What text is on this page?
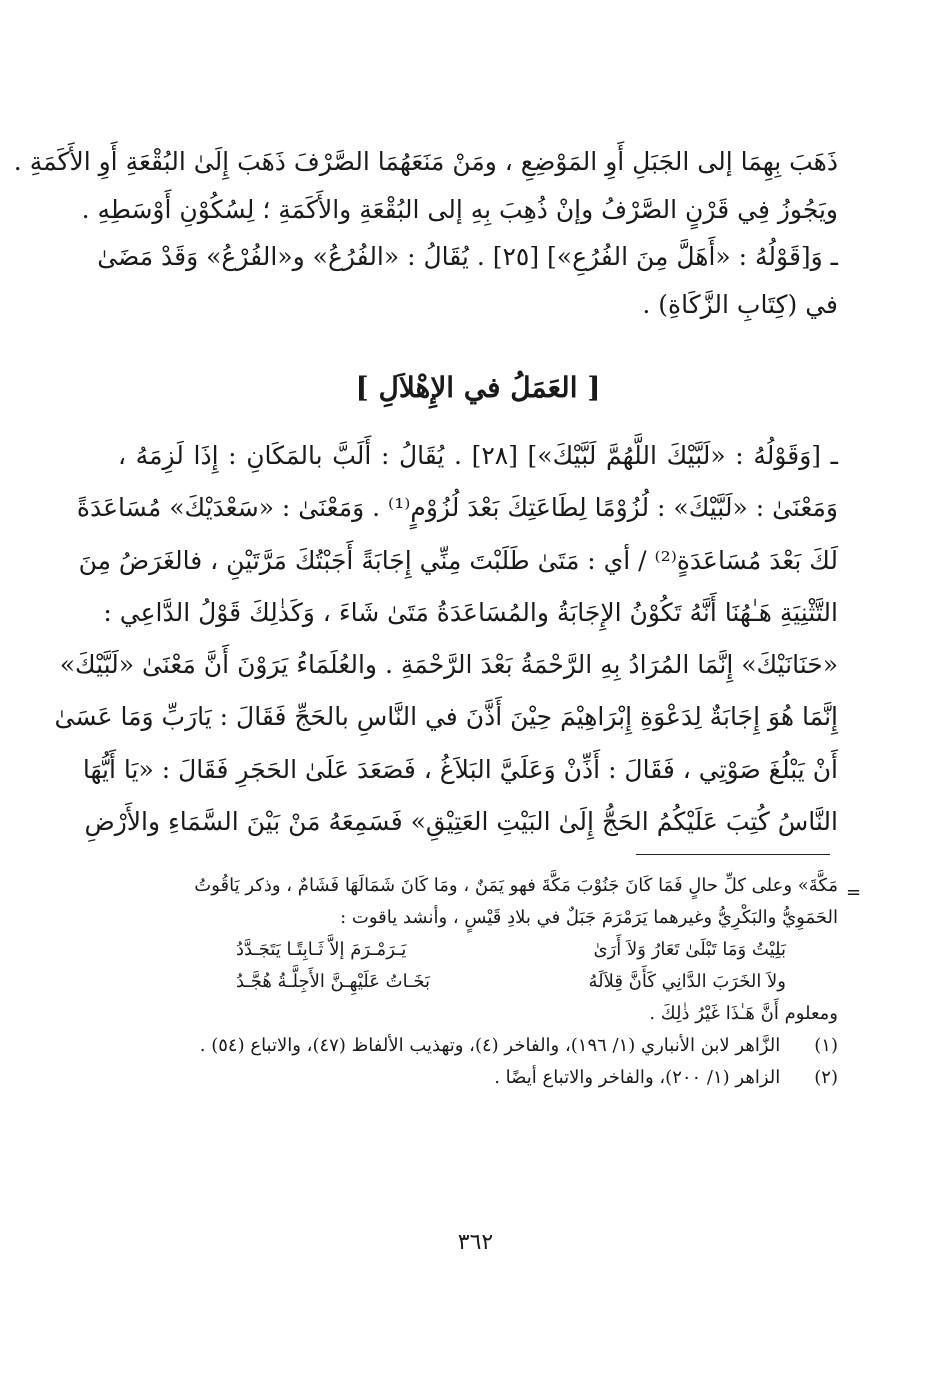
ذَهَبَ بِهِمَا إلى الجَبَلِ أَوِ المَوْضِعِ ، ومَنْ مَنَعَهُمَا الصَّرْفَ ذَهَبَ إِلَىٰ البُقْعَةِ أَوِ الأَكَمَةِ .
ويَجُوزُ فِي قَرْنٍ الصَّرْفُ وإنْ ذُهِبَ بِهِ إلى البُقْعَةِ والأَكَمَةِ ؛ لِسُكُوْنِ أَوْسَطِهِ .
ـ وَ[قَوْلُهُ : «أَهَلَّ مِنَ الفُرُعِ»] [٢٥] . يُقَالُ : «الفُرُعُ» و«الفُرْعُ» وَقَدْ مَضَىٰ
في (كِتَابِ الزَّكَاةِ) .
[ العَمَلُ في الإِهْلاَلِ ]
ـ [وَقَوْلُهُ : «لَبَّيْكَ اللَّهُمَّ لَبَّيْكَ»] [٢٨] . يُقَالُ : أَلَبَّ بالمَكَانِ : إِذَا لَزِمَهُ ،
وَمَعْنَىٰ : «لَبَّيْكَ» : لُزُوْمًا لِطَاعَتِكَ بَعْدَ لُزُوْمٍ⁽¹⁾ . وَمَعْنَىٰ : «سَعْدَيْكَ» مُسَاعَدَةً
لَكَ بَعْدَ مُسَاعَدَةٍ⁽²⁾ / أي : مَتَىٰ طَلَبْتَ مِنِّي إِجَابَةً أَجَبْتُكَ مَرَّتَيْنِ ، فالغَرَضُ مِنَ
التَّثْنِيَةِ هَـٰهُنَا أَنَّهُ تَكُوْنُ الإِجَابَةُ والمُسَاعَدَةُ مَتَىٰ شَاءَ ، وَكَذٰلِكَ قَوْلُ الدَّاعِي :
«حَنَانَيْكَ» إِنَّمَا المُرَادُ بِهِ الرَّحْمَةُ بَعْدَ الرَّحْمَةِ . والعُلَمَاءُ يَرَوْنَ أَنَّ مَعْنَىٰ «لَبَّيْكَ»
إِنَّمَا هُوَ إِجَابَةٌ لِدَعْوَةِ إِبْرَاهِيْمَ حِيْنَ أَذَّنَ في النَّاسِ بالحَجِّ فَقَالَ : يَارَبِّ وَمَا عَسَىٰ
أَنْ يَبْلُغَ صَوْتِي ، فَقَالَ : أَذِّنْ وَعَلَيَّ البَلاَغُ ، فَصَعَدَ عَلَىٰ الحَجَرِ فَقَالَ : «يَا أَيُّهَا
النَّاسُ كُتِبَ عَلَيْكُمُ الحَجُّ إِلَىٰ البَيْتِ العَتِيْقِ» فَسَمِعَهُ مَنْ بَيْنَ السَّمَاءِ والأَرْضِ
=
مَكَّةَ» وعلى كلِّ حالٍ فَمَا كَانَ جَنُوْبَ مَكَّةَ فهو يَمَنٌ ، ومَا كَانَ شَمَالَهَا فَشَامٌ ، وذكر يَاقُوتُ
الحَمَوِيُّ والبَكْرِيُّ وغيرهما يَرَمْرَمَ جَبَلٌ في بلادِ قَيْسٍ ، وأنشد ياقوت :
بَلِيْتُ وَمَا تَبْلَىٰ تَعَارُ وَلاَ أَرَىٰ
يَـرَمْـرَمَ إلاَّ ثَـابِتًـا يَتَجَـدَّدُ
ولاَ الخَرَبَ الدَّانِي كَأَنَّ قِلاَلَهُ
بَخَـاتُ عَلَيْهِـنَّ الأَجِلَّـةُ هُجَّـدُ
ومعلوم أَنَّ هَـٰذَا غَيْرُ ذٰلِكَ .
(١) الزَّاهر لابن الأنباري (١/ ١٩٦)، والفاخر (٤)، وتهذيب الألفاظ (٤٧)، والاتباع (٥٤) .
(٢) الزاهر (١/ ٢٠٠)، والفاخر والاتباع أيضًا .
٣٦٢
